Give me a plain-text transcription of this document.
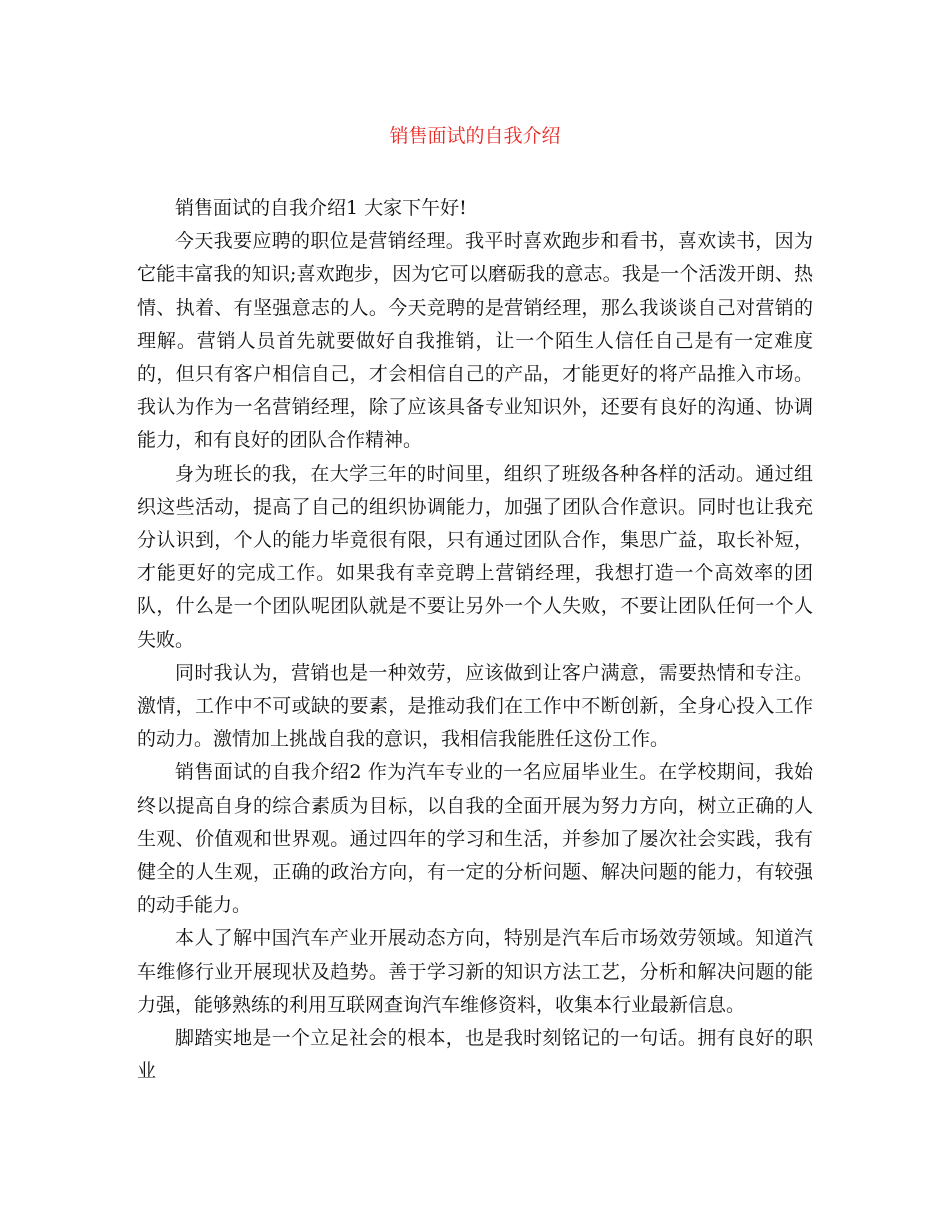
销售面试的自我介绍

销售面试的自我介绍1 大家下午好!

今天我要应聘的职位是营销经理。我平时喜欢跑步和看书，喜欢读书，因为它能丰富我的知识;喜欢跑步，因为它可以磨砺我的意志。我是一个活泼开朗、热情、执着、有坚强意志的人。今天竞聘的是营销经理，那么我谈谈自己对营销的理解。营销人员首先就要做好自我推销，让一个陌生人信任自己是有一定难度的，但只有客户相信自己，才会相信自己的产品，才能更好的将产品推入市场。我认为作为一名营销经理，除了应该具备专业知识外，还要有良好的沟通、协调能力，和有良好的团队合作精神。

身为班长的我，在大学三年的时间里，组织了班级各种各样的活动。通过组织这些活动，提高了自己的组织协调能力，加强了团队合作意识。同时也让我充分认识到，个人的能力毕竟很有限，只有通过团队合作，集思广益，取长补短，才能更好的完成工作。如果我有幸竞聘上营销经理，我想打造一个高效率的团队，什么是一个团队呢团队就是不要让另外一个人失败，不要让团队任何一个人失败。

同时我认为，营销也是一种效劳，应该做到让客户满意，需要热情和专注。激情，工作中不可或缺的要素，是推动我们在工作中不断创新，全身心投入工作的动力。激情加上挑战自我的意识，我相信我能胜任这份工作。

销售面试的自我介绍2 作为汽车专业的一名应届毕业生。在学校期间，我始终以提高自身的综合素质为目标，以自我的全面开展为努力方向，树立正确的人生观、价值观和世界观。通过四年的学习和生活，并参加了屡次社会实践，我有健全的人生观，正确的政治方向，有一定的分析问题、解决问题的能力，有较强的动手能力。

本人了解中国汽车产业开展动态方向，特别是汽车后市场效劳领域。知道汽车维修行业开展现状及趋势。善于学习新的知识方法工艺，分析和解决问题的能力强，能够熟练的利用互联网查询汽车维修资料，收集本行业最新信息。

脚踏实地是一个立足社会的根本，也是我时刻铭记的一句话。拥有良好的职业
